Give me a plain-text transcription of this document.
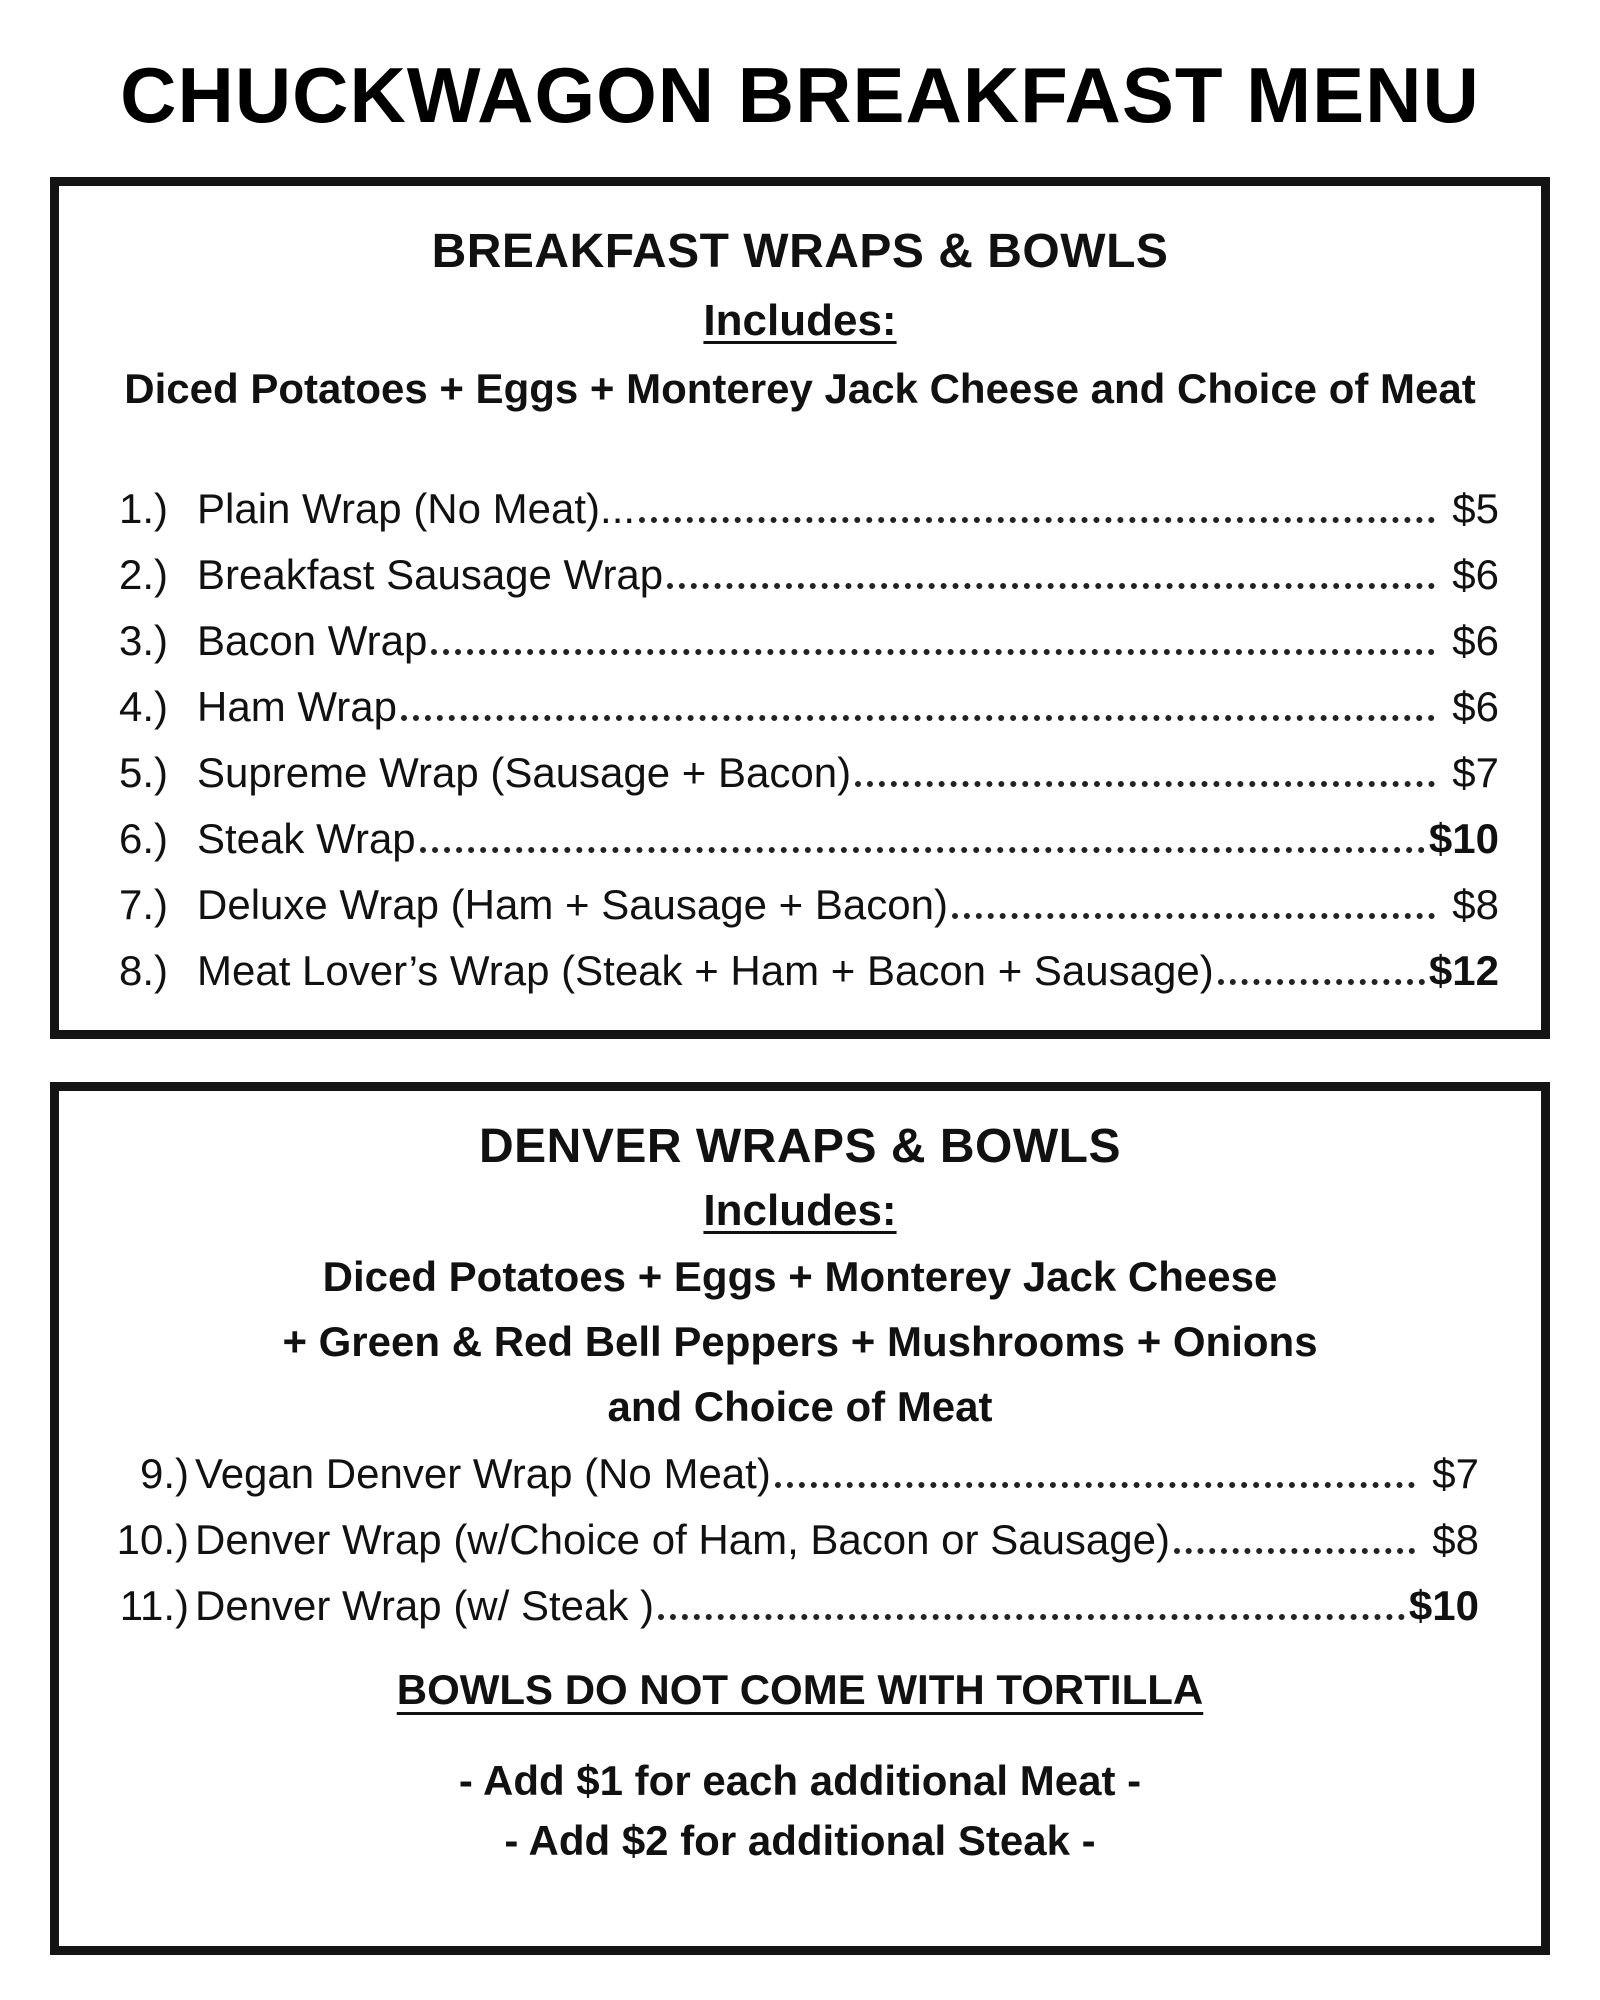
CHUCKWAGON BREAKFAST MENU
BREAKFAST WRAPS & BOWLS
Includes:
Diced Potatoes + Eggs + Monterey Jack Cheese and Choice of Meat
1.) Plain Wrap (No Meat)...	$5
2.) Breakfast Sausage Wrap	$6
3.) Bacon Wrap	$6
4.) Ham Wrap	$6
5.) Supreme Wrap (Sausage + Bacon)	$7
6.) Steak Wrap	$10
7.) Deluxe Wrap (Ham + Sausage + Bacon)	$8
8.) Meat Lover’s Wrap (Steak + Ham + Bacon + Sausage)	$12
DENVER WRAPS & BOWLS
Includes:
Diced Potatoes + Eggs + Monterey Jack Cheese
+ Green & Red Bell Peppers + Mushrooms + Onions
and Choice of Meat
9.) Vegan Denver Wrap (No Meat)	$7
10.) Denver Wrap (w/Choice of Ham, Bacon or Sausage)	$8
11.) Denver Wrap (w/ Steak )	$10
BOWLS DO NOT COME WITH TORTILLA
- Add $1 for each additional Meat -
- Add $2 for additional Steak -
